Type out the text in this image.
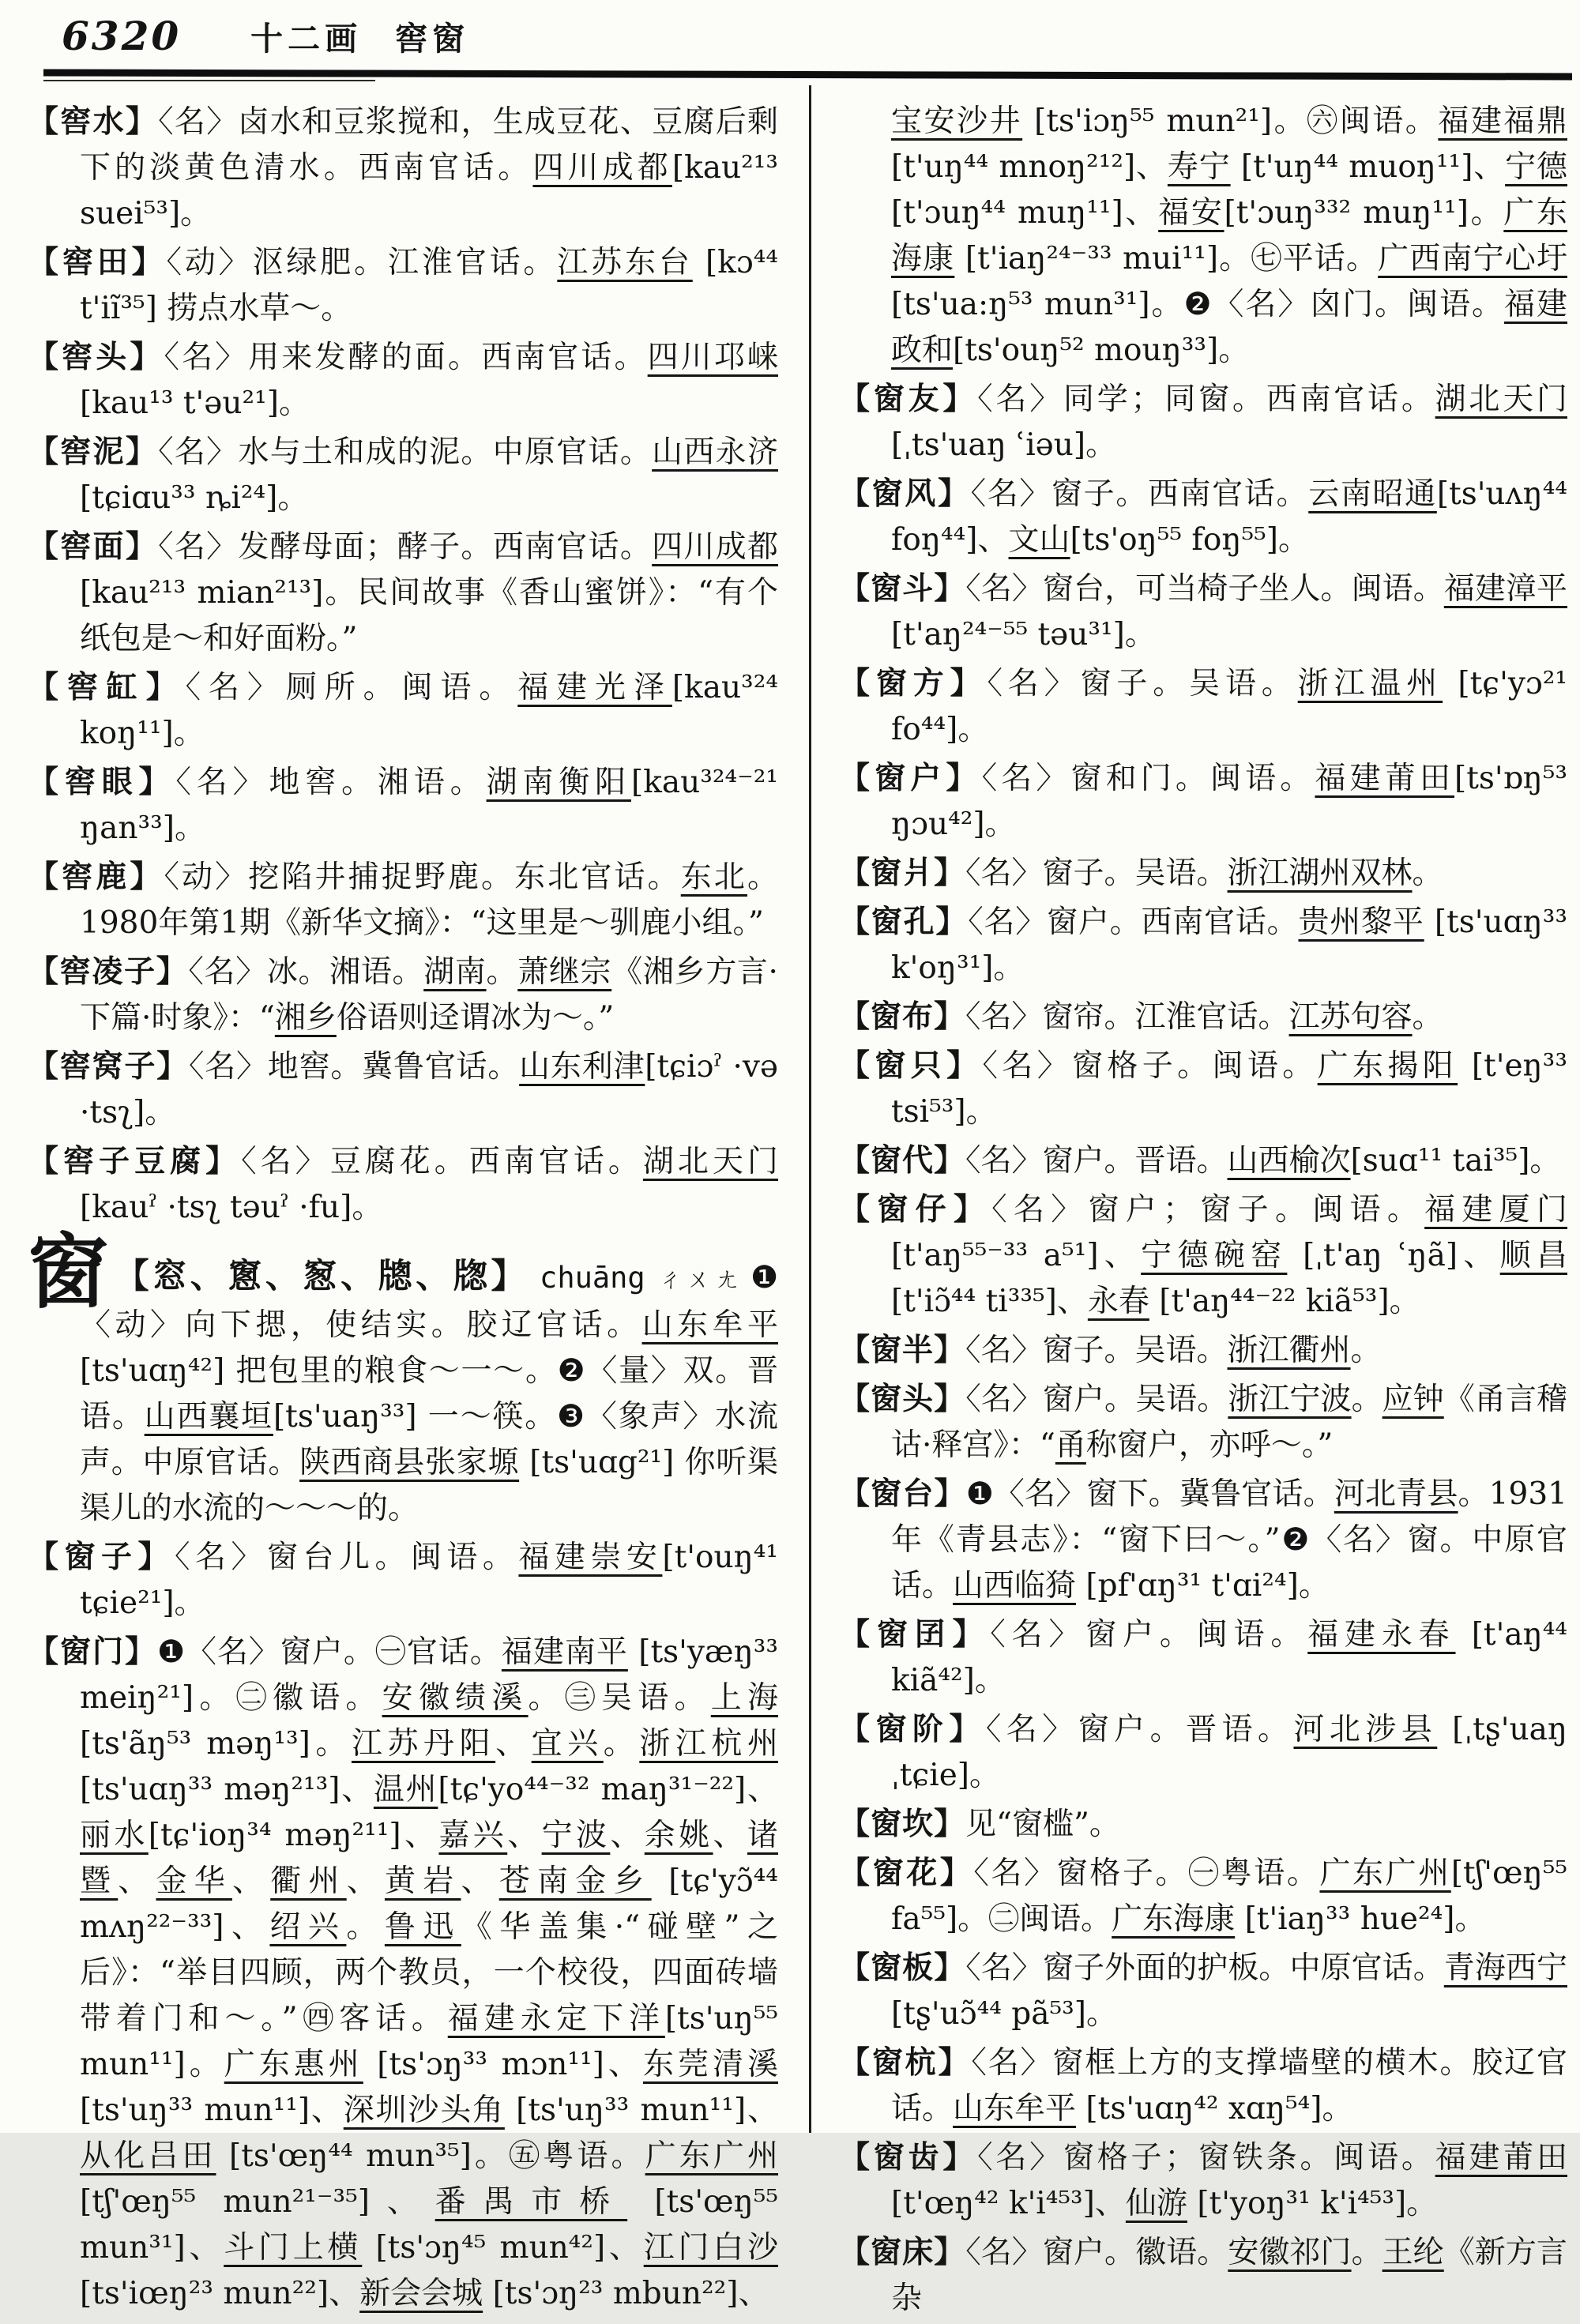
6320 十二画 窖窗
【窖水】〈名〉卤水和豆浆搅和，生成豆花、豆腐后剩下的淡黄色清水。西南官话。四川成都[kau²¹³ suei⁵³]。
【窖田】〈动〉沤绿肥。江淮官话。江苏东台 [kɔ⁴⁴ t'iĩ³⁵] 捞点水草～。
【窖头】〈名〉用来发酵的面。西南官话。四川邛崃[kau¹³ t'əu²¹]。
【窖泥】〈名〉水与土和成的泥。中原官话。山西永济[tɕiɑu³³ ȵi²⁴]。
【窖面】〈名〉发酵母面；酵子。西南官话。四川成都[kau²¹³ mian²¹³]。民间故事《香山蜜饼》：“有个纸包是～和好面粉。”
【窖缸】〈名〉厕所。闽语。福建光泽[kau³²⁴ koŋ¹¹]。
【窖眼】〈名〉地窖。湘语。湖南衡阳[kau³²⁴⁻²¹ ŋan³³]。
【窖鹿】〈动〉挖陷井捕捉野鹿。东北官话。东北。1980年第1期《新华文摘》：“这里是～驯鹿小组。”
【窖凌子】〈名〉冰。湘语。湖南。萧继宗《湘乡方言·下篇·时象》：“湘乡俗语则迳谓冰为～。”
【窖窝子】〈名〉地窖。冀鲁官话。山东利津[tɕiɔˀ ·və ·tsʅ]。
【窖子豆腐】〈名〉豆腐花。西南官话。湖北天门 [kauˀ ·tsʅ təuˀ ·fu]。
窗【窓、窻、䆫、牕、牎】 chuāng ㄔㄨㄤ ❶〈动〉向下揌，使结实。胶辽官话。山东牟平 [ts'uɑŋ⁴²] 把包里的粮食～一～。❷〈量〉双。晋语。山西襄垣[ts'uaŋ³³] 一～筷。❸〈象声〉水流声。中原官话。陕西商县张家塬 [ts'uɑg²¹] 你听渠渠儿的水流的～～～的。
【窗子】〈名〉窗台儿。闽语。福建崇安[t'ouŋ⁴¹ tɕie²¹]。
【窗门】❶〈名〉窗户。㊀官话。福建南平 [ts'yæŋ³³ meiŋ²¹]。㊁徽语。安徽绩溪。㊂吴语。上海 [ts'ãŋ⁵³ məŋ¹³]。江苏丹阳、宜兴。浙江杭州 [ts'uɑŋ³³ məŋ²¹³]、温州[tɕ'yo⁴⁴⁻³² maŋ³¹⁻²²]、丽水[tɕ'ioŋ³⁴ məŋ²¹¹]、嘉兴、宁波、余姚、诸暨、金华、衢州、黄岩、苍南金乡 [tɕ'yɔ̃⁴⁴ mʌŋ²²⁻³³]、绍兴。鲁迅《华盖集·“碰壁”之后》：“举目四顾，两个教员，一个校役，四面砖墙带着门和～。”㊃客话。福建永定下洋[ts'uŋ⁵⁵ mun¹¹]。广东惠州 [ts'ɔŋ³³ mɔn¹¹]、东莞清溪 [ts'uŋ³³ mun¹¹]、深圳沙头角 [ts'uŋ³³ mun¹¹]、从化吕田 [ts'œŋ⁴⁴ mun³⁵]。㊄粤语。广东广州[tʃ'œŋ⁵⁵ mun²¹⁻³⁵]、番禺市桥 [ts'œŋ⁵⁵ mun³¹]、斗门上横 [ts'ɔŋ⁴⁵ mun⁴²]、江门白沙 [ts'iœŋ²³ mun²²]、新会会城 [ts'ɔŋ²³ mbun²²]、
宝安沙井 [ts'iɔŋ⁵⁵ mun²¹]。㊅闽语。福建福鼎[t'uŋ⁴⁴ mnoŋ²¹²]、寿宁 [t'uŋ⁴⁴ muoŋ¹¹]、宁德[t'ɔuŋ⁴⁴ muŋ¹¹]、福安[t'ɔuŋ³³² muŋ¹¹]。广东海康 [t'iaŋ²⁴⁻³³ mui¹¹]。㊆平话。广西南宁心圩[ts'ua:ŋ⁵³ mun³¹]。❷〈名〉囟门。闽语。福建政和[ts'ouŋ⁵² mouŋ³³]。
【窗友】〈名〉同学；同窗。西南官话。湖北天门[ˌts'uaŋ ʿiəu]。
【窗风】〈名〉窗子。西南官话。云南昭通[ts'uʌŋ⁴⁴ foŋ⁴⁴]、文山[ts'oŋ⁵⁵ foŋ⁵⁵]。
【窗斗】〈名〉窗台，可当椅子坐人。闽语。福建漳平 [t'aŋ²⁴⁻⁵⁵ təu³¹]。
【窗方】〈名〉窗子。吴语。浙江温州 [tɕ'yɔ²¹ fo⁴⁴]。
【窗户】〈名〉窗和门。闽语。福建莆田[ts'ɒŋ⁵³ ŋɔu⁴²]。
【窗爿】〈名〉窗子。吴语。浙江湖州双林。
【窗孔】〈名〉窗户。西南官话。贵州黎平 [ts'uɑŋ³³ k'oŋ³¹]。
【窗布】〈名〉窗帘。江淮官话。江苏句容。
【窗只】〈名〉窗格子。闽语。广东揭阳 [t'eŋ³³ tsi⁵³]。
【窗代】〈名〉窗户。晋语。山西榆次[suɑ¹¹ tai³⁵]。
【窗仔】〈名〉窗户；窗子。闽语。福建厦门 [t'aŋ⁵⁵⁻³³ a⁵¹]、宁德碗窑 [ˌt'aŋ ʿŋã]、顺昌[t'iɔ̃⁴⁴ ti³³⁵]、永春 [t'aŋ⁴⁴⁻²² kiã⁵³]。
【窗半】〈名〉窗子。吴语。浙江衢州。
【窗头】〈名〉窗户。吴语。浙江宁波。应钟《甬言稽诂·释宫》：“甬称窗户，亦呼～。”
【窗台】❶〈名〉窗下。冀鲁官话。河北青县。1931年《青县志》：“窗下曰～。”❷〈名〉窗。中原官话。山西临猗 [pf'ɑŋ³¹ t'ɑi²⁴]。
【窗囝】〈名〉窗户。闽语。福建永春 [t'aŋ⁴⁴ kiã⁴²]。
【窗阶】〈名〉窗户。晋语。河北涉县 [ˌtʂ'uaŋ ˌtɕie]。
【窗坎】见“窗槛”。
【窗花】〈名〉窗格子。㊀粤语。广东广州[tʃ'œŋ⁵⁵ fa⁵⁵]。㊁闽语。广东海康 [t'iaŋ³³ hue²⁴]。
【窗板】〈名〉窗子外面的护板。中原官话。青海西宁[tʂ'uɔ̃⁴⁴ pã⁵³]。
【窗杭】〈名〉窗框上方的支撑墙壁的横木。胶辽官话。山东牟平 [ts'uɑŋ⁴² xɑŋ⁵⁴]。
【窗齿】〈名〉窗格子；窗铁条。闽语。福建莆田 [t'œŋ⁴² k'i⁴⁵³]、仙游 [t'yoŋ³¹ k'i⁴⁵³]。
【窗床】〈名〉窗户。徽语。安徽祁门。王纶《新方言杂
